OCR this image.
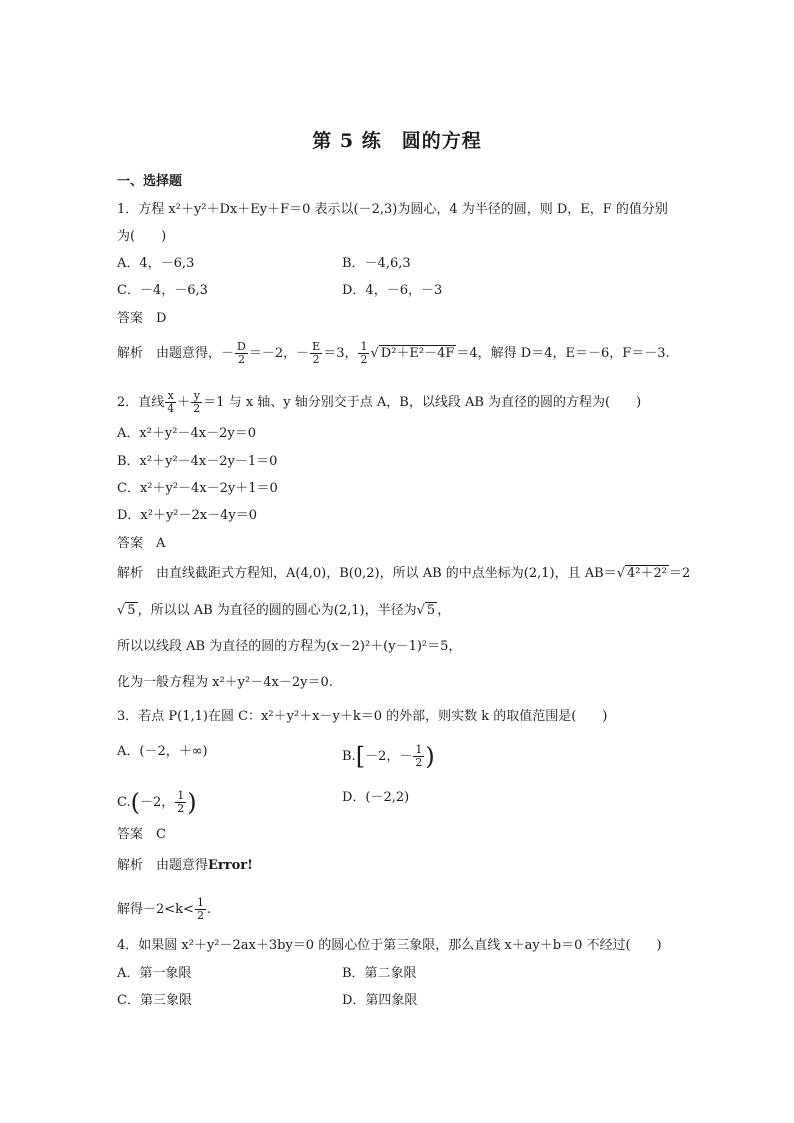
第 5 练　圆的方程
一、选择题
1．方程 x²＋y²＋Dx＋Ey＋F＝0 表示以(－2,3)为圆心，4 为半径的圆，则 D，E，F 的值分别
为(　　)
A．4，－6,3	B．－4,6,3
C．－4，－6,3	D．4，－6，－3
答案　D
解析　由题意得，－ $\frac{D}{2} =-2$，－ $\frac{E}{2} =3$， $\frac{1}{2}$ √ D²＋E²－4F ＝4，解得 D＝4，E＝－6，F＝－3.
2．直线 $\frac{x}{4} + \frac{y}{2} =1$ 与 x 轴、y 轴分别交于点 A，B，以线段 AB 为直径的圆的方程为(　　)
A．x²＋y²－4x－2y＝0
B．x²＋y²－4x－2y－1＝0
C．x²＋y²－4x－2y＋1＝0
D．x²＋y²－2x－4y＝0
答案　A
解析　由直线截距式方程知，A(4,0)，B(0,2)，所以 AB 的中点坐标为(2,1)，且 AB＝√ 4²＋2² ＝2
√ 5 ，所以以 AB 为直径的圆的圆心为(2,1)，半径为√ 5 ，
所以以线段 AB 为直径的圆的方程为(x－2)²＋(y－1)²＝5，
化为一般方程为 x²＋y²－4x－2y＝0.
3．若点 P(1,1)在圆 C：x²＋y²＋x－y＋k＝0 的外部，则实数 k 的取值范围是(　　)
A．(－2，＋∞)	B.[－2，－ $\frac{1}{2}$ )
C.(－2， $\frac{1}{2}$ )	D．(－2,2)
答案　C
解析　由题意得Error!
解得$-2<k< \frac{1}{2}$ .
4．如果圆 x²＋y²－2ax＋3by＝0 的圆心位于第三象限，那么直线 x＋ay＋b＝0 不经过(　　)
A．第一象限	B．第二象限
C．第三象限	D．第四象限
